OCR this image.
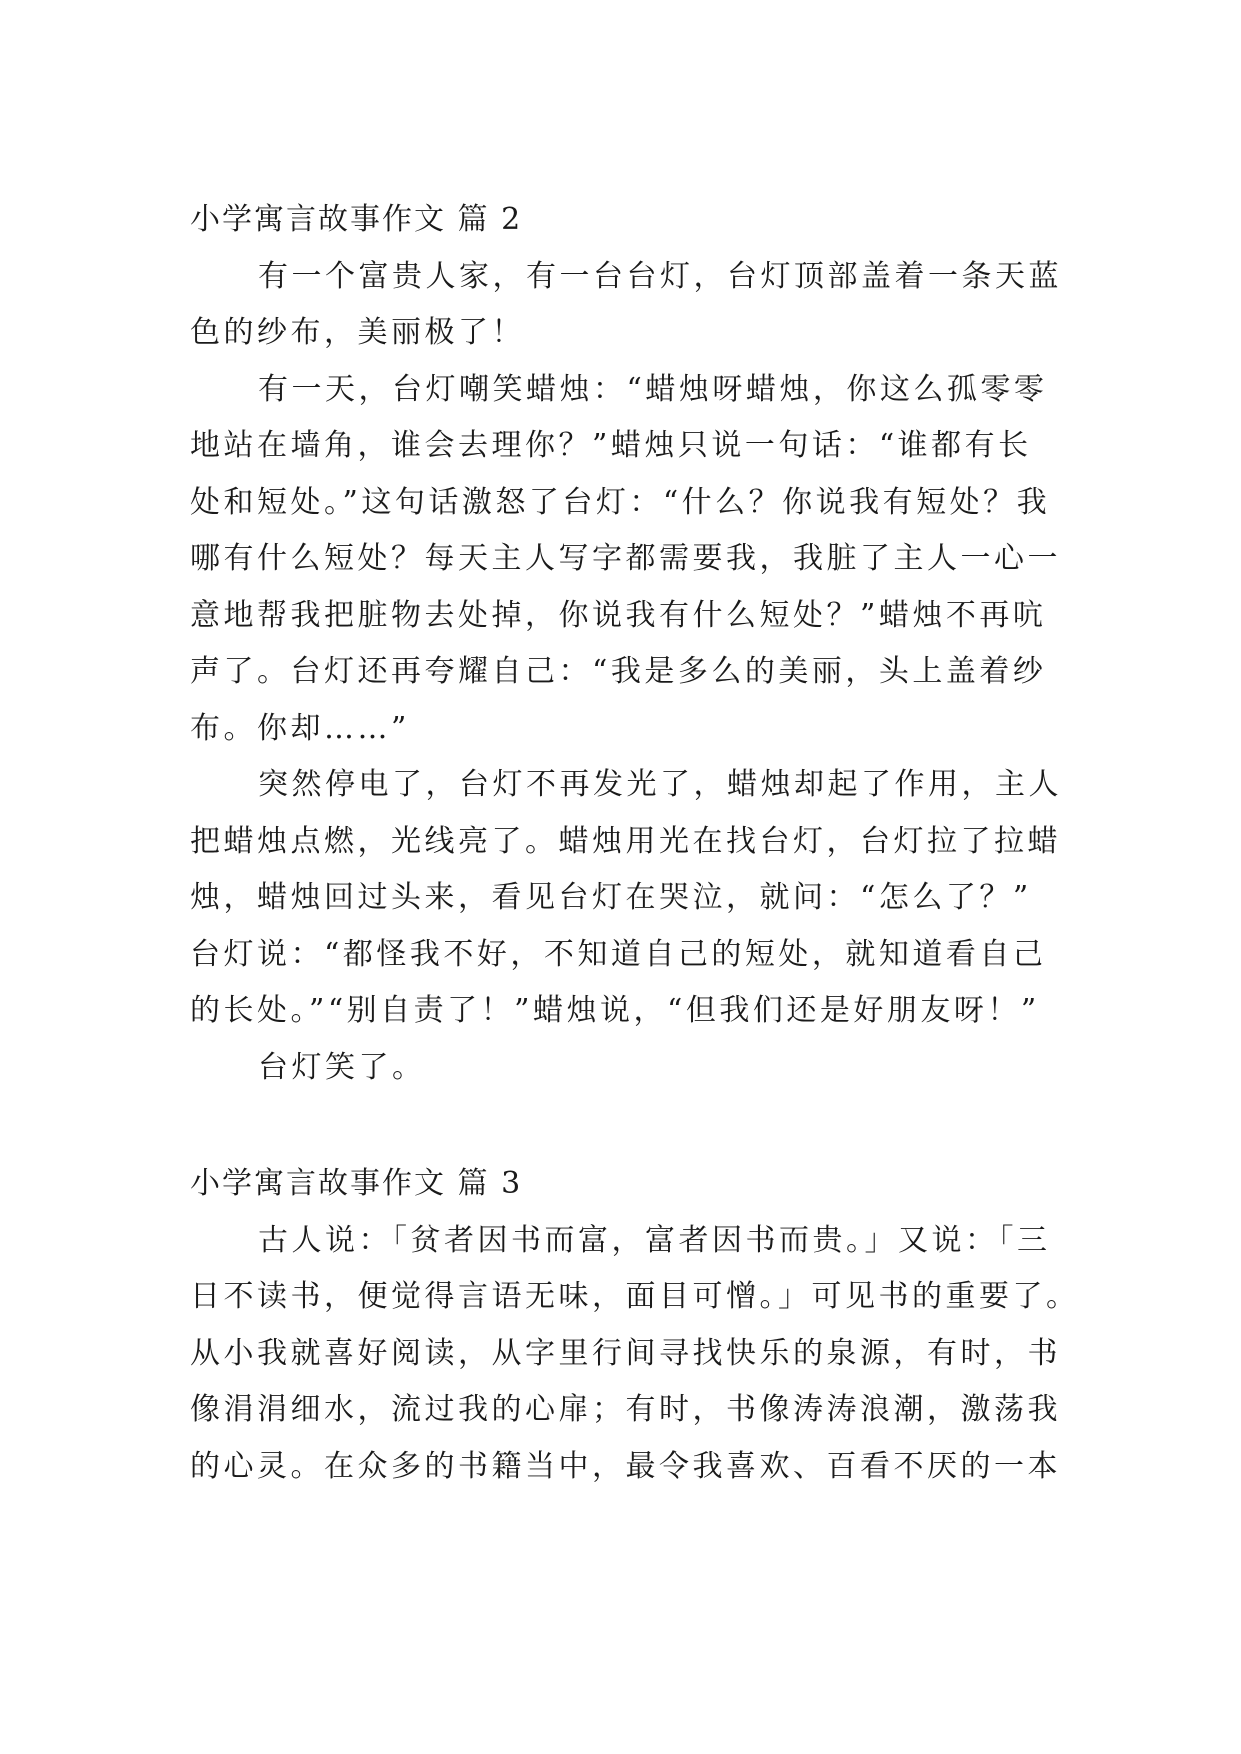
小学寓言故事作文 篇 2
有一个富贵人家，有一台台灯，台灯顶部盖着一条天蓝
色的纱布，美丽极了！
有一天，台灯嘲笑蜡烛：“蜡烛呀蜡烛，你这么孤零零
地站在墙角，谁会去理你？”蜡烛只说一句话：“谁都有长
处和短处。”这句话激怒了台灯：“什么？你说我有短处？我
哪有什么短处？每天主人写字都需要我，我脏了主人一心一
意地帮我把脏物去处掉，你说我有什么短处？”蜡烛不再吭
声了。台灯还再夸耀自己：“我是多么的美丽，头上盖着纱
布。你却……”
突然停电了，台灯不再发光了，蜡烛却起了作用，主人
把蜡烛点燃，光线亮了。蜡烛用光在找台灯，台灯拉了拉蜡
烛，蜡烛回过头来，看见台灯在哭泣，就问：“怎么了？”
台灯说：“都怪我不好，不知道自己的短处，就知道看自己
的长处。”“别自责了！”蜡烛说，“但我们还是好朋友呀！”
台灯笑了。
小学寓言故事作文 篇 3
古人说：「贫者因书而富，富者因书而贵。」又说：「三
日不读书，便觉得言语无味，面目可憎。」可见书的重要了。
从小我就喜好阅读，从字里行间寻找快乐的泉源，有时，书
像涓涓细水，流过我的心扉；有时，书像涛涛浪潮，激荡我
的心灵。在众多的书籍当中，最令我喜欢、百看不厌的一本
